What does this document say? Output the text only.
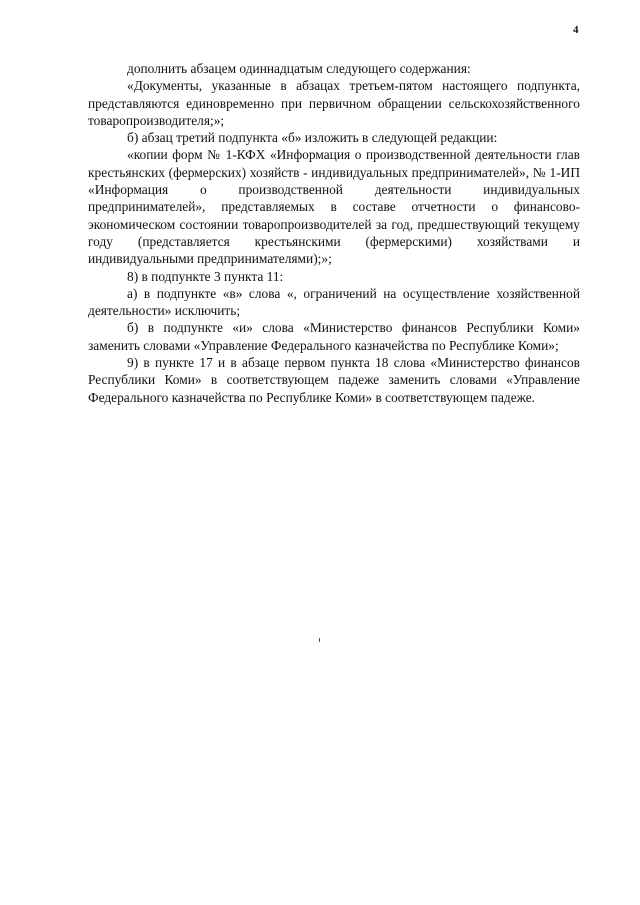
4

дополнить абзацем одиннадцатым следующего содержания:

«Документы, указанные в абзацах третьем-пятом настоящего подпункта, представляются единовременно при первичном обращении сельскохозяйственного товаропроизводителя;»;

б) абзац третий подпункта «б» изложить в следующей редакции:

«копии форм № 1-КФХ «Информация о производственной деятельности глав крестьянских (фермерских) хозяйств - индивидуальных предпринимателей», № 1-ИП «Информация о производственной деятельности индивидуальных предпринимателей», представляемых в составе отчетности о финансово-экономическом состоянии товаропроизводителей за год, предшествующий текущему году (представляется крестьянскими (фермерскими) хозяйствами и индивидуальными предпринимателями);»;

8) в подпункте 3 пункта 11:

а) в подпункте «в» слова «, ограничений на осуществление хозяйственной деятельности» исключить;

б) в подпункте «и» слова «Министерство финансов Республики Коми» заменить словами «Управление Федерального казначейства по Республике Коми»;

9) в пункте 17 и в абзаце первом пункта 18 слова «Министерство финансов Республики Коми» в соответствующем падеже заменить словами «Управление Федерального казначейства по Республике Коми» в соответствующем падеже.
